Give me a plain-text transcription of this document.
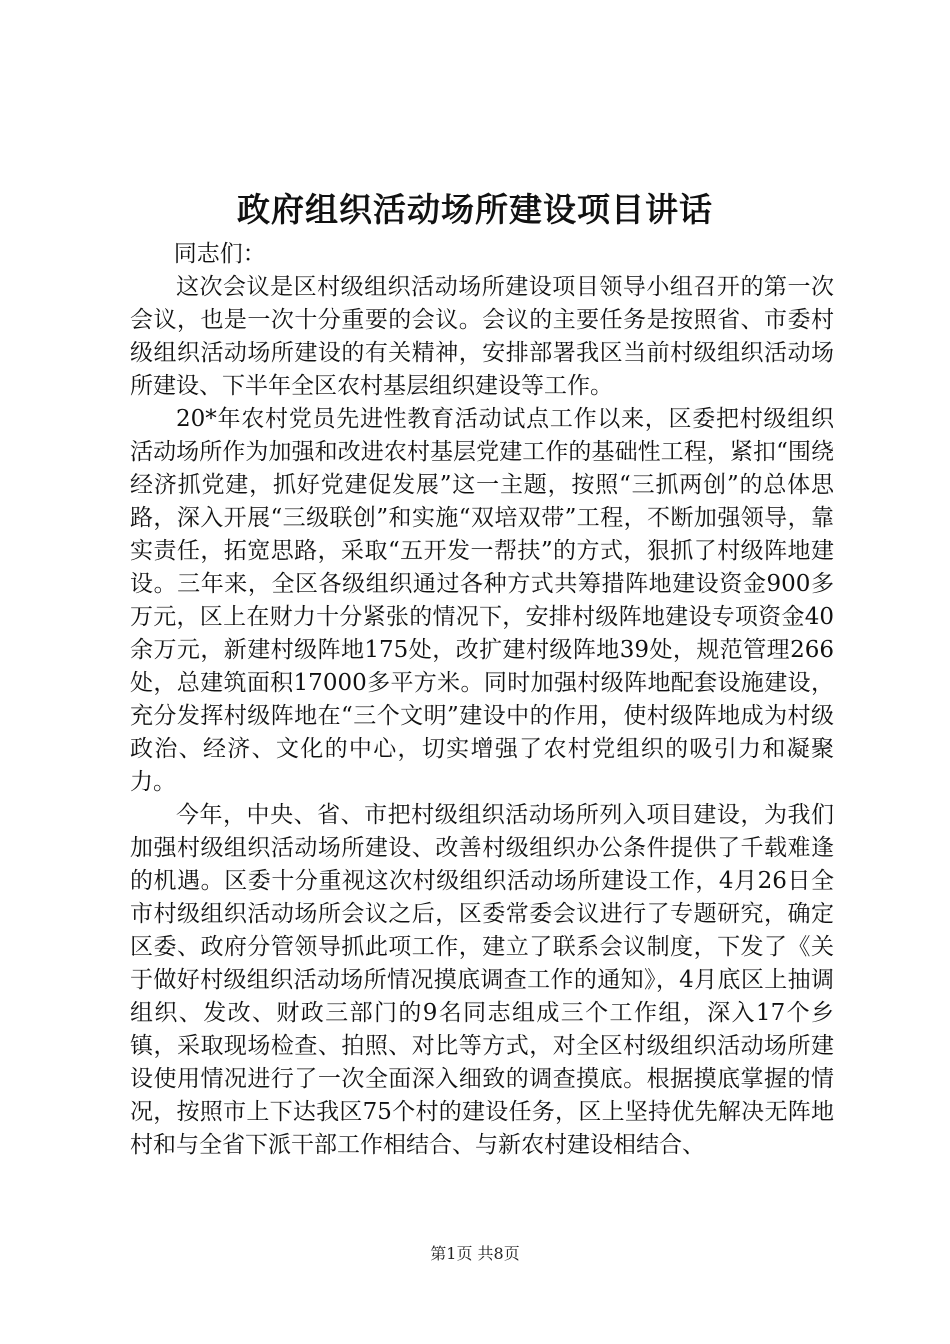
政府组织活动场所建设项目讲话

同志们：

这次会议是区村级组织活动场所建设项目领导小组召开的第一次会议，也是一次十分重要的会议。会议的主要任务是按照省、市委村级组织活动场所建设的有关精神，安排部署我区当前村级组织活动场所建设、下半年全区农村基层组织建设等工作。

20*年农村党员先进性教育活动试点工作以来，区委把村级组织活动场所作为加强和改进农村基层党建工作的基础性工程，紧扣“围绕经济抓党建，抓好党建促发展”这一主题，按照“三抓两创”的总体思路，深入开展“三级联创”和实施“双培双带”工程，不断加强领导，靠实责任，拓宽思路，采取“五开发一帮扶”的方式，狠抓了村级阵地建设。三年来，全区各级组织通过各种方式共筹措阵地建设资金900多万元，区上在财力十分紧张的情况下，安排村级阵地建设专项资金40余万元，新建村级阵地175处，改扩建村级阵地39处，规范管理266处，总建筑面积17000多平方米。同时加强村级阵地配套设施建设，充分发挥村级阵地在“三个文明”建设中的作用，使村级阵地成为村级政治、经济、文化的中心，切实增强了农村党组织的吸引力和凝聚力。

今年，中央、省、市把村级组织活动场所列入项目建设，为我们加强村级组织活动场所建设、改善村级组织办公条件提供了千载难逢的机遇。区委十分重视这次村级组织活动场所建设工作，4月26日全市村级组织活动场所会议之后，区委常委会议进行了专题研究，确定区委、政府分管领导抓此项工作，建立了联系会议制度，下发了《关于做好村级组织活动场所情况摸底调查工作的通知》，4月底区上抽调组织、发改、财政三部门的9名同志组成三个工作组，深入17个乡镇，采取现场检查、拍照、对比等方式，对全区村级组织活动场所建设使用情况进行了一次全面深入细致的调查摸底。根据摸底掌握的情况，按照市上下达我区75个村的建设任务，区上坚持优先解决无阵地村和与全省下派干部工作相结合、与新农村建设相结合、

第1页 共8页
